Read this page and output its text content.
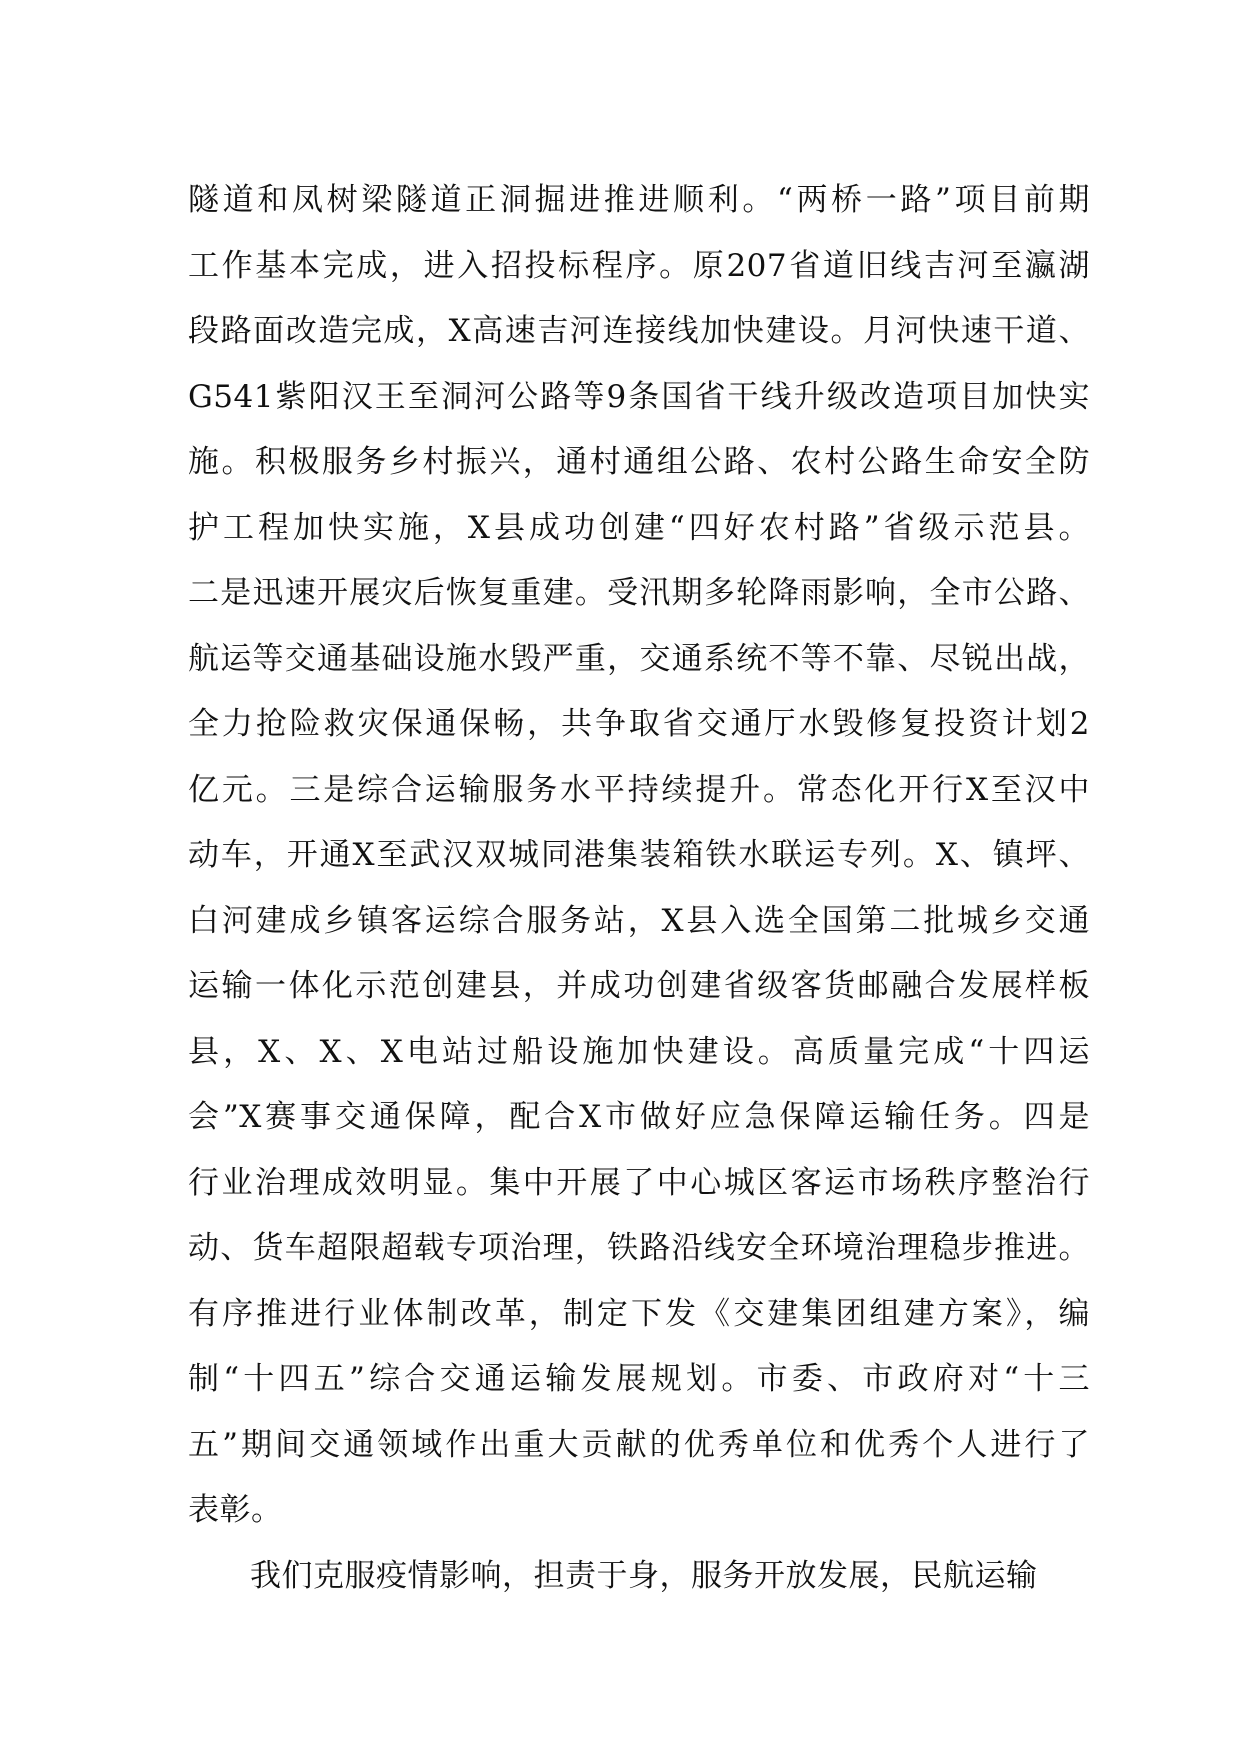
隧道和凤树梁隧道正洞掘进推进顺利。“两桥一路”项目前期
工作基本完成，进入招投标程序。原207省道旧线吉河至瀛湖
段路面改造完成，X高速吉河连接线加快建设。月河快速干道、
G541紫阳汉王至洞河公路等9条国省干线升级改造项目加快实
施。积极服务乡村振兴，通村通组公路、农村公路生命安全防
护工程加快实施，X县成功创建“四好农村路”省级示范县。
二是迅速开展灾后恢复重建。受汛期多轮降雨影响，全市公路、
航运等交通基础设施水毁严重，交通系统不等不靠、尽锐出战，
全力抢险救灾保通保畅，共争取省交通厅水毁修复投资计划2
亿元。三是综合运输服务水平持续提升。常态化开行X至汉中
动车，开通X至武汉双城同港集装箱铁水联运专列。X、镇坪、
白河建成乡镇客运综合服务站，X县入选全国第二批城乡交通
运输一体化示范创建县，并成功创建省级客货邮融合发展样板
县，X、X、X电站过船设施加快建设。高质量完成“十四运
会”X赛事交通保障，配合X市做好应急保障运输任务。四是
行业治理成效明显。集中开展了中心城区客运市场秩序整治行
动、货车超限超载专项治理，铁路沿线安全环境治理稳步推进。
有序推进行业体制改革，制定下发《交建集团组建方案》，编
制“十四五”综合交通运输发展规划。市委、市政府对“十三
五”期间交通领域作出重大贡献的优秀单位和优秀个人进行了
表彰。
我们克服疫情影响，担责于身，服务开放发展，民航运输
